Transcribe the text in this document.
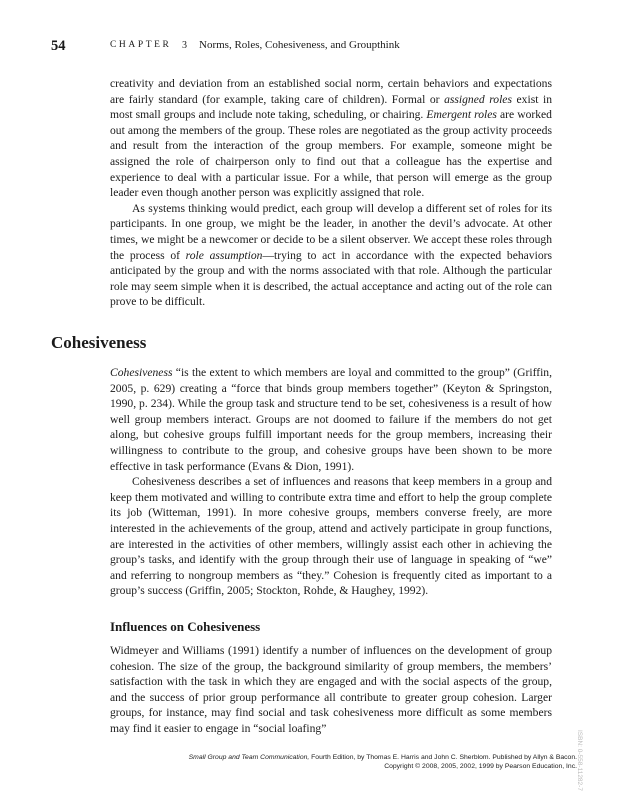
54	CHAPTER 3 Norms, Roles, Cohesiveness, and Groupthink

creativity and deviation from an established social norm, certain behaviors and expectations are fairly standard (for example, taking care of children). Formal or assigned roles exist in most small groups and include note taking, scheduling, or chairing. Emergent roles are worked out among the members of the group. These roles are negotiated as the group activity proceeds and result from the interaction of the group members. For example, someone might be assigned the role of chairperson only to find out that a colleague has the expertise and experience to deal with a particular issue. For a while, that person will emerge as the group leader even though another person was explicitly assigned that role.

As systems thinking would predict, each group will develop a different set of roles for its participants. In one group, we might be the leader, in another the devil’s advocate. At other times, we might be a newcomer or decide to be a silent observer. We accept these roles through the process of role assumption—trying to act in accordance with the expected behaviors anticipated by the group and with the norms associated with that role. Although the particular role may seem simple when it is described, the actual acceptance and acting out of the role can prove to be difficult.

Cohesiveness

Cohesiveness “is the extent to which members are loyal and committed to the group” (Griffin, 2005, p. 629) creating a “force that binds group members together” (Keyton & Springston, 1990, p. 234). While the group task and structure tend to be set, cohesiveness is a result of how well group members interact. Groups are not doomed to failure if the members do not get along, but cohesive groups fulfill important needs for the group members, increasing their willingness to contribute to the group, and cohesive groups have been shown to be more effective in task performance (Evans & Dion, 1991).

Cohesiveness describes a set of influences and reasons that keep members in a group and keep them motivated and willing to contribute extra time and effort to help the group complete its job (Witteman, 1991). In more cohesive groups, members converse freely, are more interested in the achievements of the group, attend and actively participate in group functions, are interested in the activities of other members, willingly assist each other in achieving the group’s tasks, and identify with the group through their use of language in speaking of “we” and referring to nongroup members as “they.” Cohesion is frequently cited as important to a group’s success (Griffin, 2005; Stockton, Rohde, & Haughey, 1992).

Influences on Cohesiveness

Widmeyer and Williams (1991) identify a number of influences on the development of group cohesion. The size of the group, the background similarity of group members, the members’ satisfaction with the task in which they are engaged and with the social aspects of the group, and the success of prior group performance all contribute to greater group cohesion. Larger groups, for instance, may find social and task cohesiveness more difficult as some members may find it easier to engage in “social loafing”

ISBN: 0-558-11282-7
Small Group and Team Communication, Fourth Edition, by Thomas E. Harris and John C. Sherblom. Published by Allyn & Bacon.
Copyright © 2008, 2005, 2002, 1999 by Pearson Education, Inc.
